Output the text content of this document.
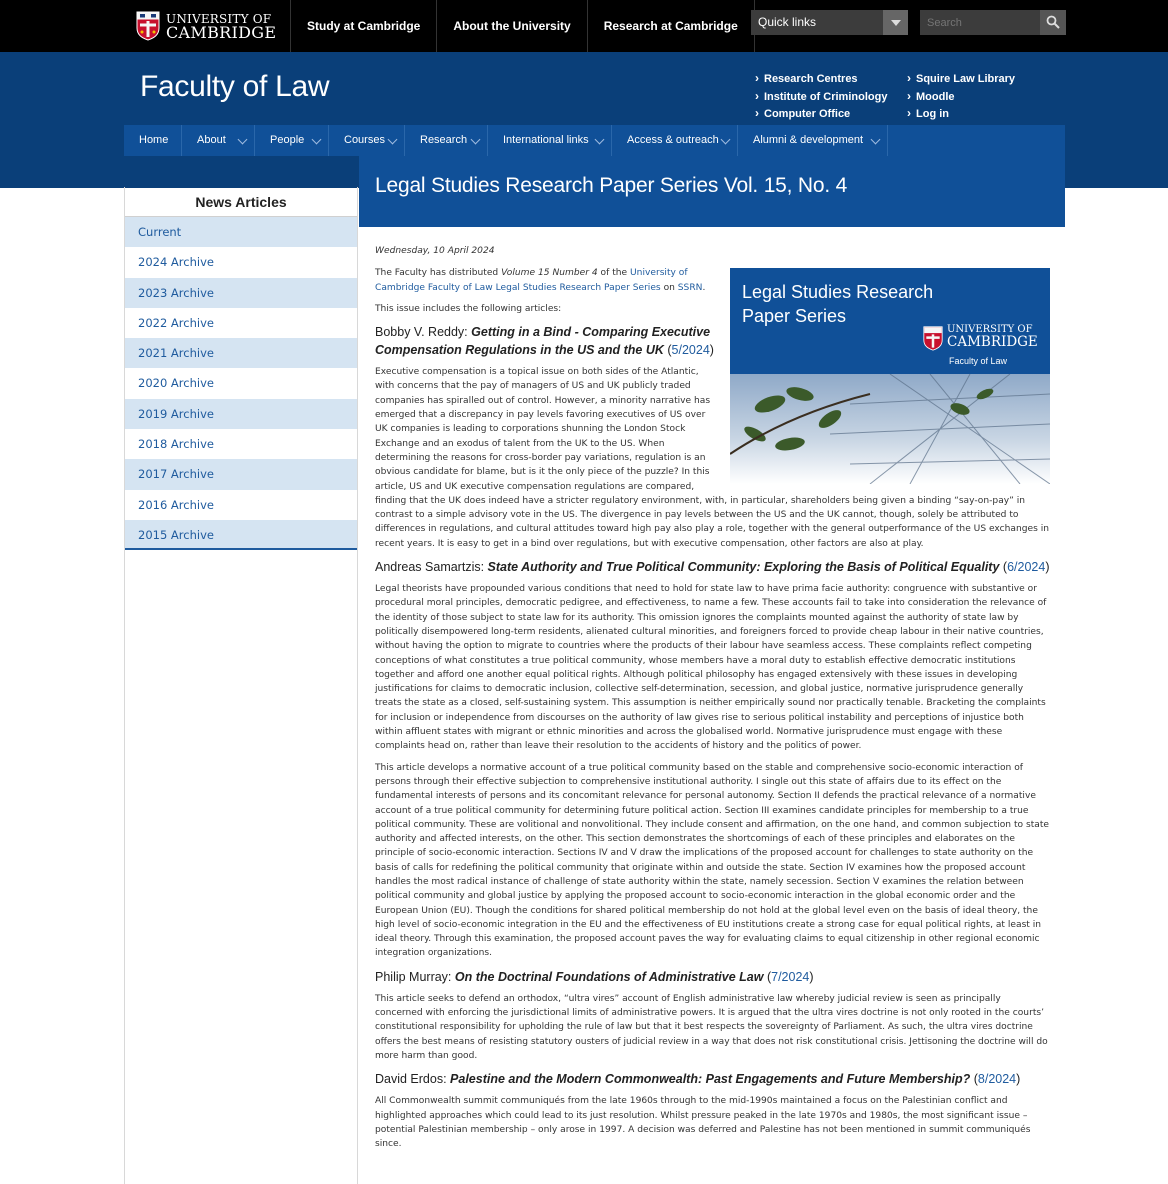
UNIVERSITY OF
CAMBRIDGE	Study at Cambridge	About the University	Research at Cambridge	Quick links
Search
Faculty of Law
›	Research Centres
› Institute of Criminology
› Computer Office
› Squire Law Library
› Moodle
› Log in
Home	About	People	Courses	Research	International links	Access & outreach	Alumni & development
News Articles
Current
2024 Archive
2023 Archive
2022 Archive
2021 Archive
2020 Archive
2019 Archive
2018 Archive
2017 Archive
2016 Archive
2015 Archive
Legal Studies Research Paper Series Vol. 15, No. 4

Wednesday, 10 April 2024

Legal Studies Research
Paper Series
UNIVERSITY OF
CAMBRIDGE
Faculty of Law

The Faculty has distributed Volume 15 Number 4 of the University of Cambridge Faculty of Law Legal Studies Research Paper Series on SSRN.

This issue includes the following articles:

Bobby V. Reddy: Getting in a Bind - Comparing Executive Compensation Regulations in the US and the UK (5/2024)

Executive compensation is a topical issue on both sides of the Atlantic, with concerns that the pay of managers of US and UK publicly traded companies has spiralled out of control. However, a minority narrative has emerged that a discrepancy in pay levels favoring executives of US over UK companies is leading to corporations shunning the London Stock Exchange and an exodus of talent from the UK to the US. When determining the reasons for cross-border pay variations, regulation is an obvious candidate for blame, but is it the only piece of the puzzle? In this article, US and UK executive compensation regulations are compared, finding that the UK does indeed have a stricter regulatory environment, with, in particular, shareholders being given a binding “say-on-pay” in contrast to a simple advisory vote in the US. The divergence in pay levels between the US and the UK cannot, though, solely be attributed to differences in regulations, and cultural attitudes toward high pay also play a role, together with the general outperformance of the US exchanges in recent years. It is easy to get in a bind over regulations, but with executive compensation, other factors are also at play.

Andreas Samartzis: State Authority and True Political Community: Exploring the Basis of Political Equality (6/2024)

Legal theorists have propounded various conditions that need to hold for state law to have prima facie authority: congruence with substantive or procedural moral principles, democratic pedigree, and effectiveness, to name a few. These accounts fail to take into consideration the relevance of the identity of those subject to state law for its authority. This omission ignores the complaints mounted against the authority of state law by politically disempowered long-term residents, alienated cultural minorities, and foreigners forced to provide cheap labour in their native countries, without having the option to migrate to countries where the products of their labour have seamless access. These complaints reflect competing conceptions of what constitutes a true political community, whose members have a moral duty to establish effective democratic institutions together and afford one another equal political rights. Although political philosophy has engaged extensively with these issues in developing justifications for claims to democratic inclusion, collective self-determination, secession, and global justice, normative jurisprudence generally treats the state as a closed, self-sustaining system. This assumption is neither empirically sound nor practically tenable. Bracketing the complaints for inclusion or independence from discourses on the authority of law gives rise to serious political instability and perceptions of injustice both within affluent states with migrant or ethnic minorities and across the globalised world. Normative jurisprudence must engage with these complaints head on, rather than leave their resolution to the accidents of history and the politics of power.

This article develops a normative account of a true political community based on the stable and comprehensive socio-economic interaction of persons through their effective subjection to comprehensive institutional authority. I single out this state of affairs due to its effect on the fundamental interests of persons and its concomitant relevance for personal autonomy. Section II defends the practical relevance of a normative account of a true political community for determining future political action. Section III examines candidate principles for membership to a true political community. These are volitional and nonvolitional. They include consent and affirmation, on the one hand, and common subjection to state authority and affected interests, on the other. This section demonstrates the shortcomings of each of these principles and elaborates on the principle of socio-economic interaction. Sections IV and V draw the implications of the proposed account for challenges to state authority on the basis of calls for redefining the political community that originate within and outside the state. Section IV examines how the proposed account handles the most radical instance of challenge of state authority within the state, namely secession. Section V examines the relation between political community and global justice by applying the proposed account to socio-economic interaction in the global economic order and the European Union (EU). Though the conditions for shared political membership do not hold at the global level even on the basis of ideal theory, the high level of socio-economic integration in the EU and the effectiveness of EU institutions create a strong case for equal political rights, at least in ideal theory. Through this examination, the proposed account paves the way for evaluating claims to equal citizenship in other regional economic integration organizations.

Philip Murray: On the Doctrinal Foundations of Administrative Law (7/2024)

This article seeks to defend an orthodox, “ultra vires” account of English administrative law whereby judicial review is seen as principally concerned with enforcing the jurisdictional limits of administrative powers. It is argued that the ultra vires doctrine is not only rooted in the courts’ constitutional responsibility for upholding the rule of law but that it best respects the sovereignty of Parliament. As such, the ultra vires doctrine offers the best means of resisting statutory ousters of judicial review in a way that does not risk constitutional crisis. Jettisoning the doctrine will do more harm than good.

David Erdos: Palestine and the Modern Commonwealth: Past Engagements and Future Membership? (8/2024)

All Commonwealth summit communiqués from the late 1960s through to the mid-1990s maintained a focus on the Palestinian conflict and highlighted approaches which could lead to its just resolution. Whilst pressure peaked in the late 1970s and 1980s, the most significant issue – potential Palestinian membership – only arose in 1997. A decision was deferred and Palestine has not been mentioned in summit communiqués since.
